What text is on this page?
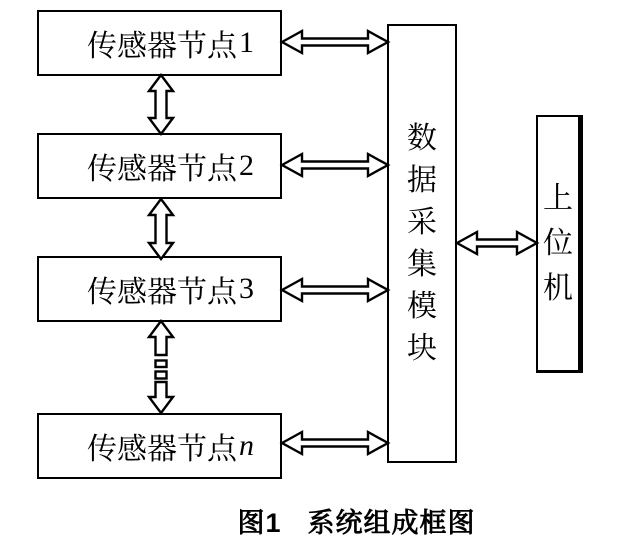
传感器节点 1
传感器节点 2
传感器节点 3
传感器节点 n
数据采集模块
上位机
图1 系统组成框图
